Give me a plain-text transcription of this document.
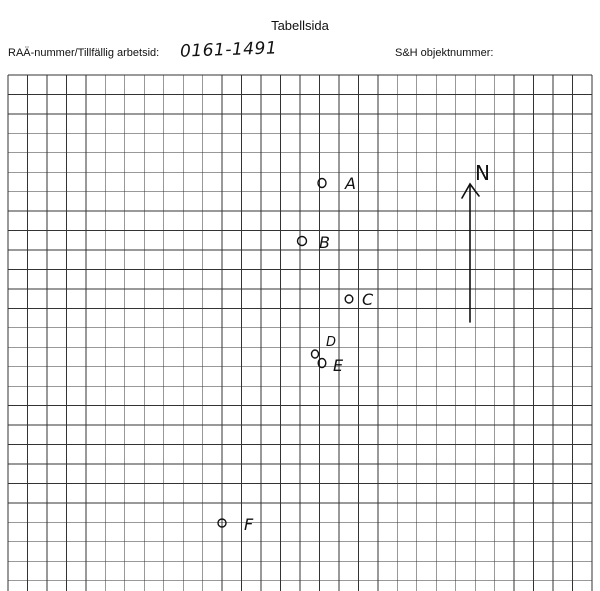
Tabellsida
RAÄ-nummer/Tillfällig arbetsid: 0161-1491	S&H objektnummer:
N
A
B
C
D
E
F
